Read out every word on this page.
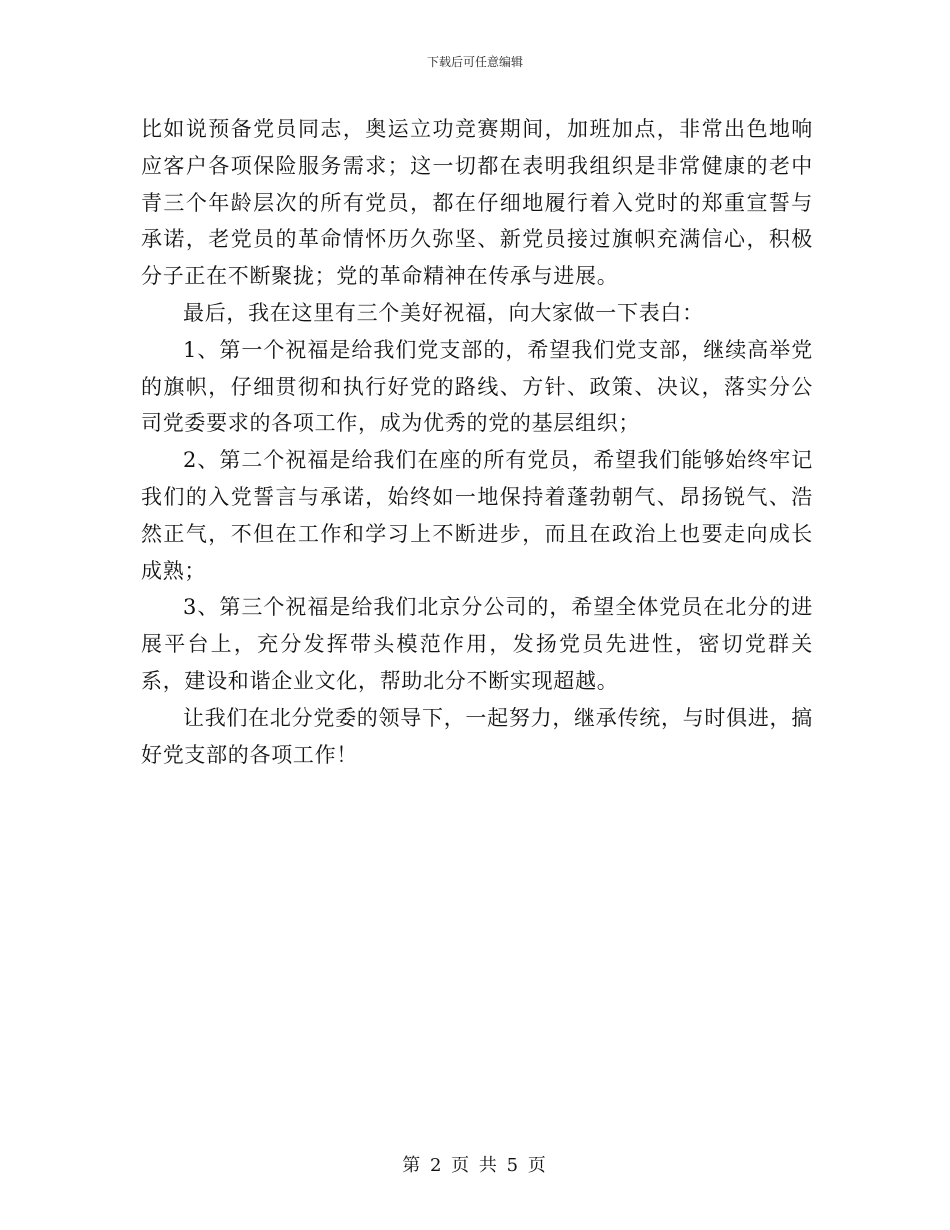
下载后可任意编辑

比如说预备党员同志，奥运立功竞赛期间，加班加点，非常出色地响应客户各项保险服务需求；这一切都在表明我组织是非常健康的老中青三个年龄层次的所有党员，都在仔细地履行着入党时的郑重宣誓与承诺，老党员的革命情怀历久弥坚、新党员接过旗帜充满信心，积极分子正在不断聚拢；党的革命精神在传承与进展。

最后，我在这里有三个美好祝福，向大家做一下表白：

1、第一个祝福是给我们党支部的，希望我们党支部，继续高举党的旗帜，仔细贯彻和执行好党的路线、方针、政策、决议，落实分公司党委要求的各项工作，成为优秀的党的基层组织；

2、第二个祝福是给我们在座的所有党员，希望我们能够始终牢记我们的入党誓言与承诺，始终如一地保持着蓬勃朝气、昂扬锐气、浩然正气，不但在工作和学习上不断进步，而且在政治上也要走向成长成熟；

3、第三个祝福是给我们北京分公司的，希望全体党员在北分的进展平台上，充分发挥带头模范作用，发扬党员先进性，密切党群关系，建设和谐企业文化，帮助北分不断实现超越。

让我们在北分党委的领导下，一起努力，继承传统，与时俱进，搞好党支部的各项工作！

第 2 页 共 5 页
